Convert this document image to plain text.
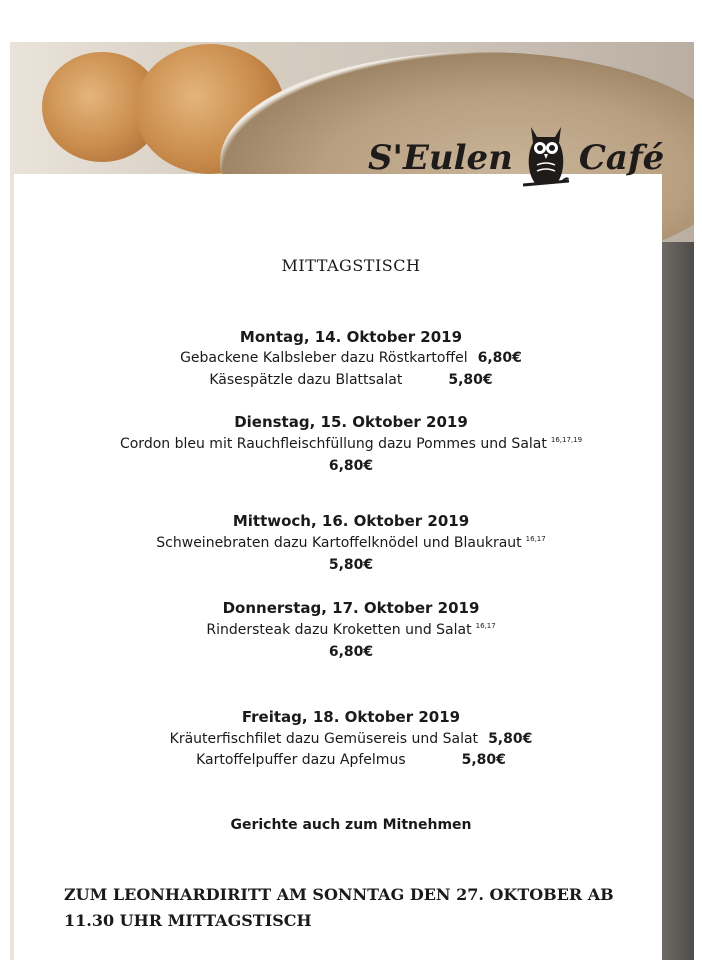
S'Eulen Café
MITTAGSTISCH
Montag, 14. Oktober 2019
Gebackene Kalbsleber dazu Röstkartoffel 6,80€
Käsespätzle dazu Blattsalat	5,80€
Dienstag, 15. Oktober 2019
Cordon bleu mit Rauchfleischfüllung dazu Pommes und Salat $^{16,17,19}$
6,80€
Mittwoch, 16. Oktober 2019
Schweinebraten dazu Kartoffelknödel und Blaukraut $^{16,17}$
5,80€
Donnerstag, 17. Oktober 2019
Rindersteak dazu Kroketten und Salat $^{16,17}$
6,80€
Freitag, 18. Oktober 2019
Kräuterfischfilet dazu Gemüsereis und Salat 5,80€
Kartoffelpuffer dazu Apfelmus	5,80€
Gerichte auch zum Mitnehmen
ZUM LEONHARDIRITT AM SONNTAG DEN 27. OKTOBER AB
11.30 UHR MITTAGSTISCH
